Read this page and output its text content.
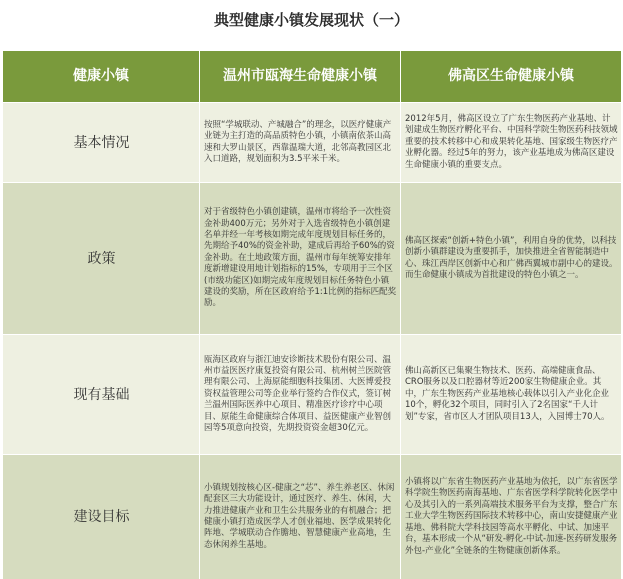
典型健康小镇发展现状（一）
健康小镇	温州市瓯海生命健康小镇	佛高区生命健康小镇
基本情况	按照“学城联动、产城融合”的理念，以医疗健康产业链为主打造的高品质特色小镇，小镇南依茶山高速和大罗山景区，西靠温瑞大道，北邻高教园区北入口道路，规划面积为3.5平米千米。	2012年5月，佛高区设立了广东生物医药产业基地、计划建成生物医疗孵化平台、中国科学院生物医药科技领域重要的技术转移中心和成果转化基地、国家级生物医疗产业孵化器。经过5年的努力，该产业基地成为佛高区建设生命健康小镇的重要支点。
政策	对于省级特色小镇创建镇，温州市将给予一次性资金补助400万元；另外对于入选省级特色小镇创建名单并经一年考核如期完成年度规划目标任务的，先期给予40%的资金补助，建成后再给予60%的资金补助。在土地政策方面，温州市每年统筹安排年度新增建设用地计划指标的15%，专项用于三个区(市级功能区)如期完成年度规划目标任务特色小镇建设的奖励，所在区政府给予1:1比例的指标匹配奖励。	佛高区探索“创新+特色小镇”，利用自身的优势，以科技创新小镇群建设为重要抓手，加快推进全省智能制造中心、珠江西岸区创新中心和广佛西翼城市副中心的建设。而生命健康小镇成为首批建设的特色小镇之一。
现有基础	瓯海区政府与浙江迪安诊断技术股份有限公司、温州市益医医疗康复投资有限公司、杭州树兰医院管理有限公司、上海原能细胞科技集团、大医博爱投资权益管理公司等企业举行签约合作仪式，签订树兰温州国际医养中心项目、精准医疗诊疗中心项目、原能生命健康综合体项目、益医健康产业智创园等5项意向投资，先期投资资金超30亿元。	佛山高新区已集聚生物技术、医药、高端健康食品、CRO服务以及口腔器材等近200家生物健康企业。其中，广东生物医药产业基地核心载体以引入产业化企业10个，孵化32个项目，同时引入了2名国家“千人计划”专家，省市区人才团队项目13人，入园博士70人。
建设目标	小镇规划按核心区-健康之“芯”、养生养老区、休闲配套区三大功能设计，通过医疗、养生、休闲，大力推进健康产业和卫生公共服务业的有机融合；把健康小镇打造成医学人才创业福地、医学成果转化阵地、学城联动合作膽地、智慧健康产业高地，生态休闲养生基地。	小镇将以广东省生物医药产业基地为依托，以广东省医学科学院生物医药南海基地、广东省医学科学院转化医学中心及其引入的一系列高端技术服务平台为支撑，整合广东工业大学生物医药国际技术转移中心，南山安捷健康产业基地、佛科院大学科技园等高水平孵化、中试、加速平台，基本形成一个从“研发-孵化-中试-加速-医药研发服务外包-产业化”全链条的生物健康创新体系。
